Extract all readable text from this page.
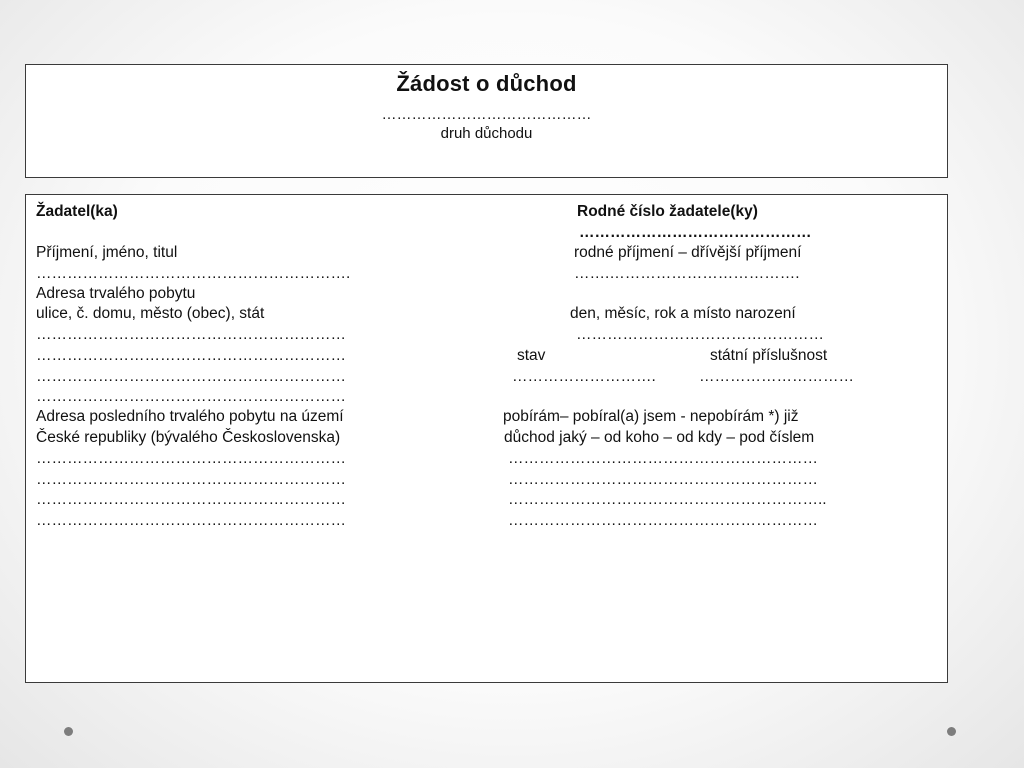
Žádost o důchod
……………………………………
druh důchodu
Žadatel(ka)
Příjmení, jméno, titul
…………………………………………………….
Adresa trvalého pobytu
ulice, č. domu, město (obec), stát
……………………………………………………
……………………………………………………
……………………………………………………
……………………………………………………
Adresa posledního trvalého pobytu na území
České republiky (bývalého Československa)
……………………………………………………
……………………………………………………
……………………………………………………
……………………………………………………
Rodné číslo žadatele(ky)
………………………………………
rodné příjmení – dřívější příjmení
…….……………………………….
den, měsíc, rok a místo narození
…………………………………………
stav	státní příslušnost
……………………….	…………………………
pobírám– pobíral(a) jsem - nepobírám *) již
důchod jaký – od koho – od kdy – pod číslem
……………………………………………………
……………………………………………………
……………………………………………………..
……………………………………………………
